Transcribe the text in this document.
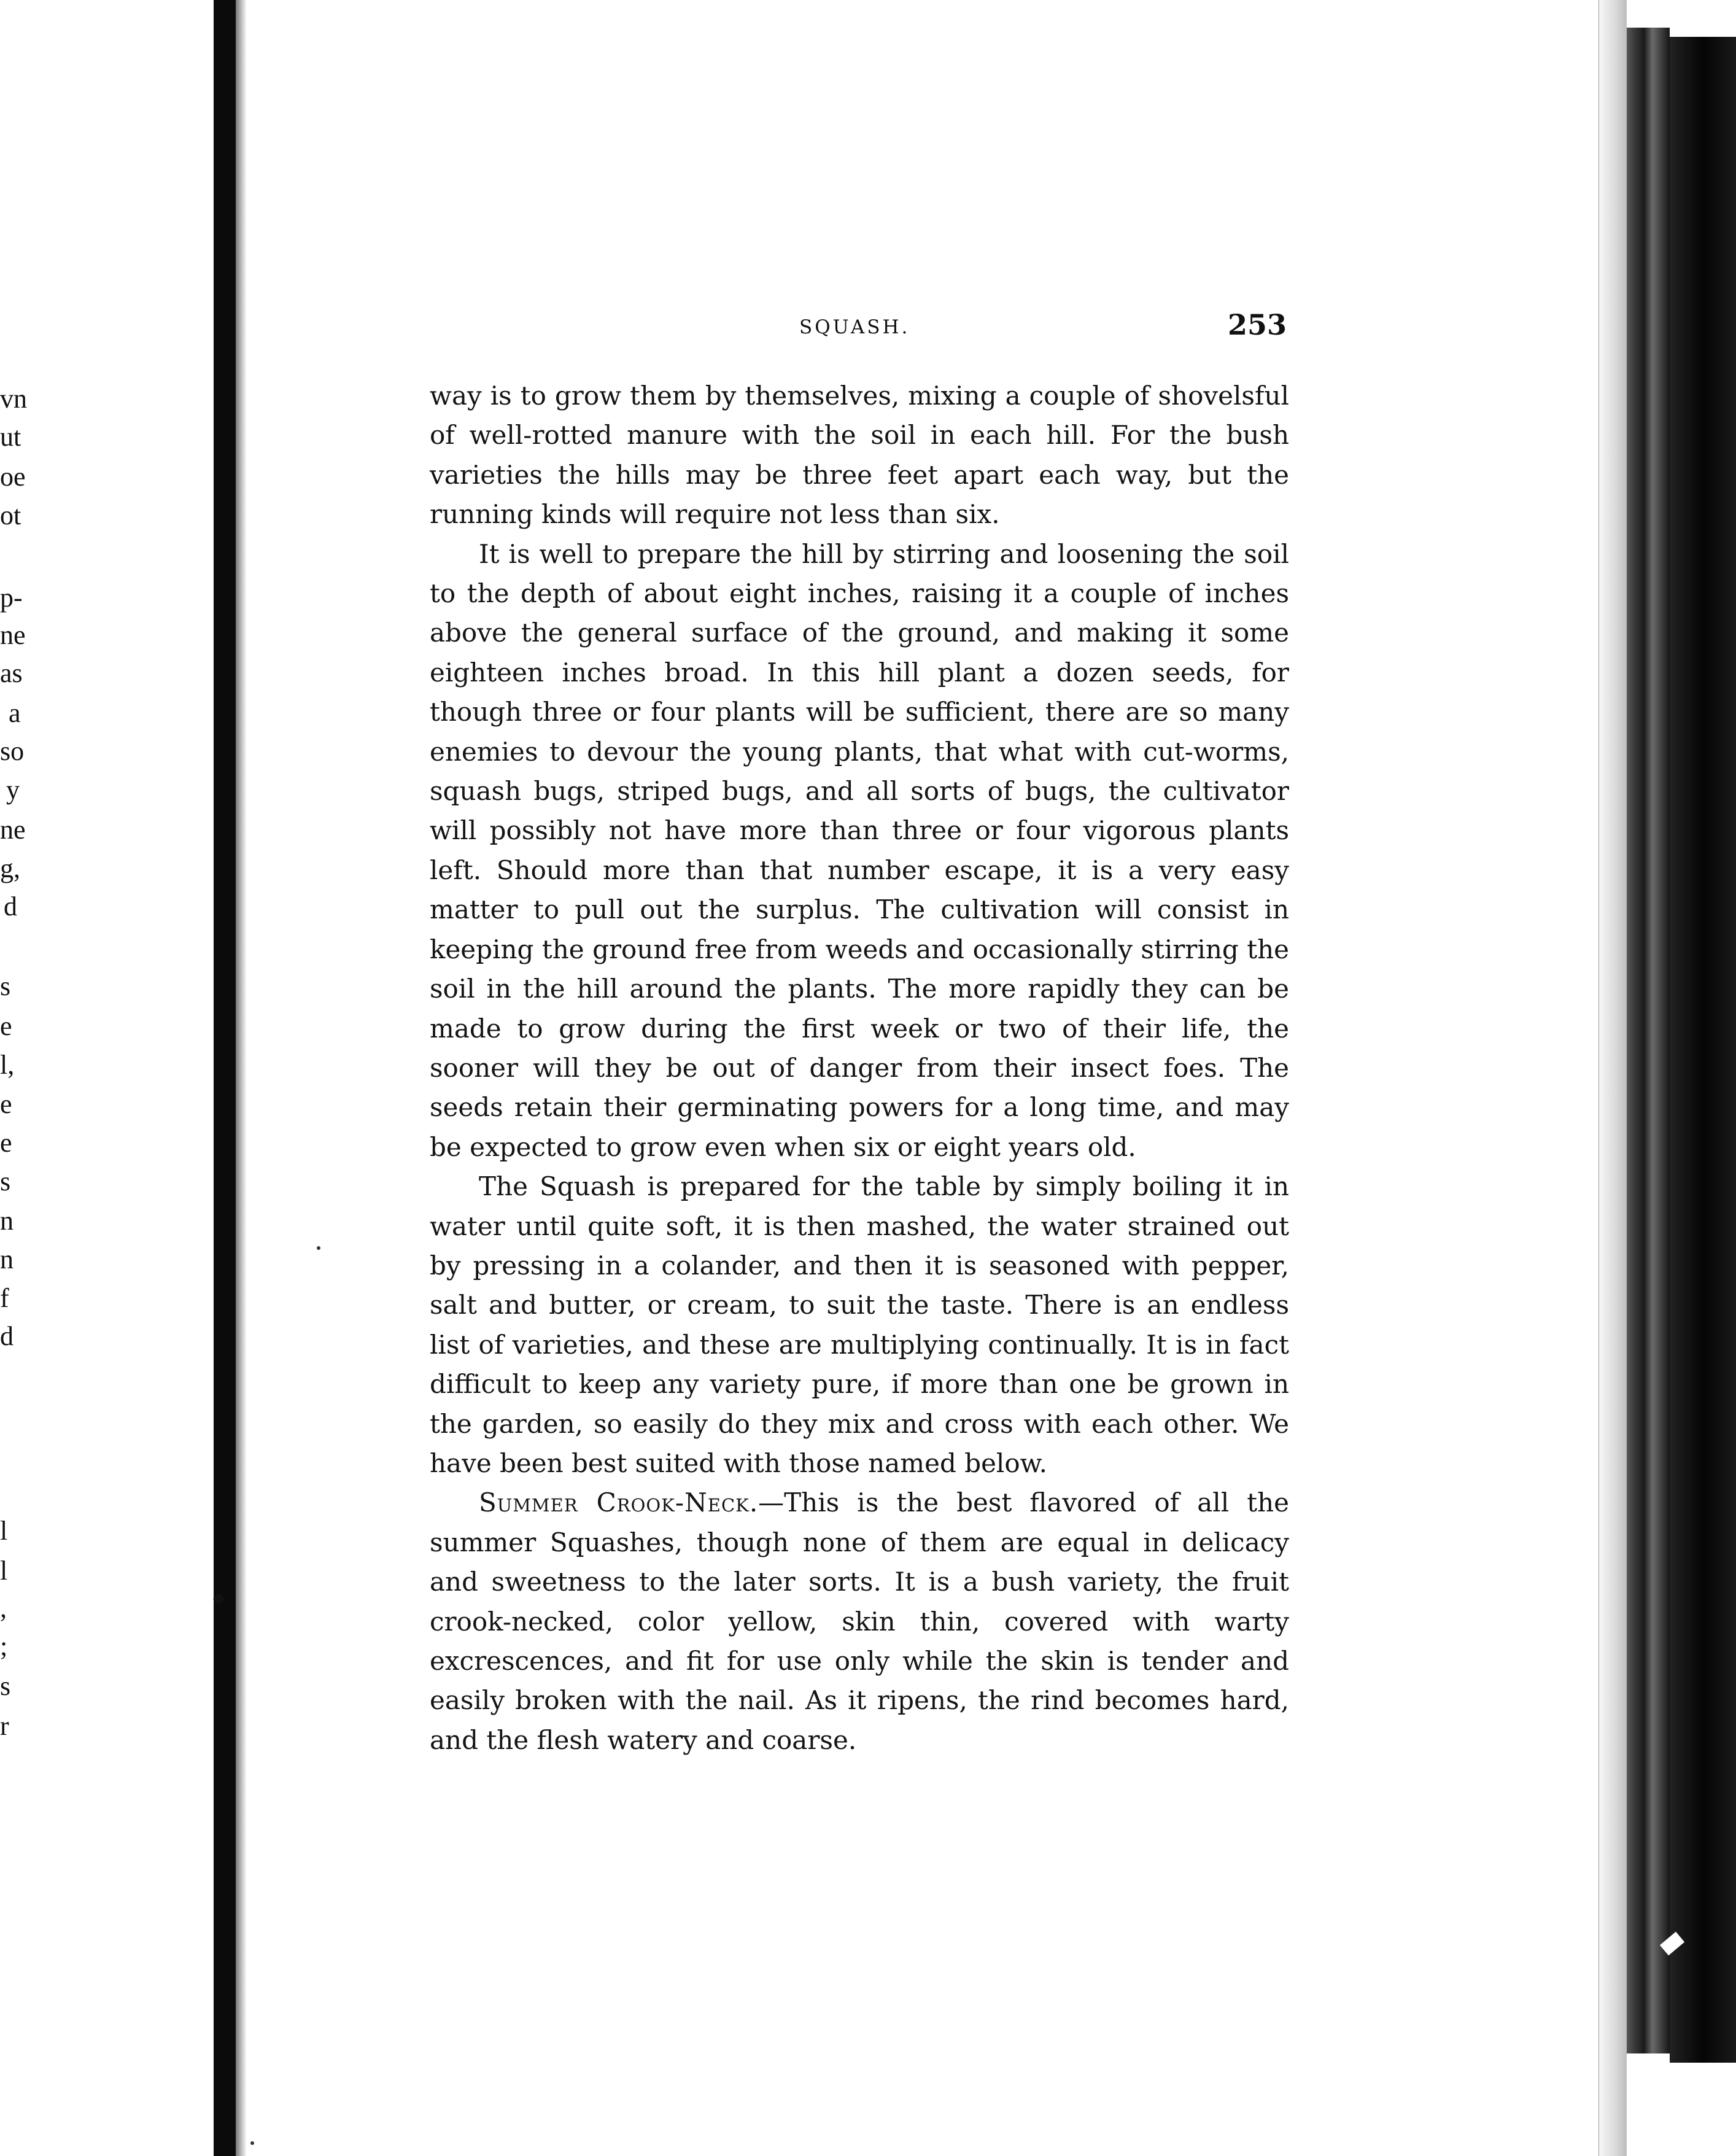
vn
ut
oe
ot
p-
ne
as
a
so
y
ne
g,
d
s
e
l,
e
e
s
n
n
f
d
l
l
,
;
s
r
SQUASH.	253

way is to grow them by themselves, mixing a couple of shovelsful of well-rotted manure with the soil in each hill. For the bush varieties the hills may be three feet apart each way, but the running kinds will require not less than six.

It is well to prepare the hill by stirring and loosening the soil to the depth of about eight inches, raising it a couple of inches above the general surface of the ground, and making it some eighteen inches broad. In this hill plant a dozen seeds, for though three or four plants will be sufficient, there are so many enemies to devour the young plants, that what with cut-worms, squash bugs, striped bugs, and all sorts of bugs, the cultivator will possibly not have more than three or four vigorous plants left. Should more than that number escape, it is a very easy matter to pull out the surplus. The cultivation will consist in keeping the ground free from weeds and occasionally stirring the soil in the hill around the plants. The more rapidly they can be made to grow during the first week or two of their life, the sooner will they be out of danger from their insect foes. The seeds retain their germinating powers for a long time, and may be expected to grow even when six or eight years old.

The Squash is prepared for the table by simply boiling it in water until quite soft, it is then mashed, the water strained out by pressing in a colander, and then it is seasoned with pepper, salt and butter, or cream, to suit the taste. There is an endless list of varieties, and these are multiplying continually. It is in fact difficult to keep any variety pure, if more than one be grown in the garden, so easily do they mix and cross with each other. We have been best suited with those named below.

Summer Crook-Neck.—This is the best flavored of all the summer Squashes, though none of them are equal in delicacy and sweetness to the later sorts. It is a bush variety, the fruit crook-necked, color yellow, skin thin, covered with warty excrescences, and fit for use only while the skin is tender and easily broken with the nail. As it ripens, the rind becomes hard, and the flesh watery and coarse.
